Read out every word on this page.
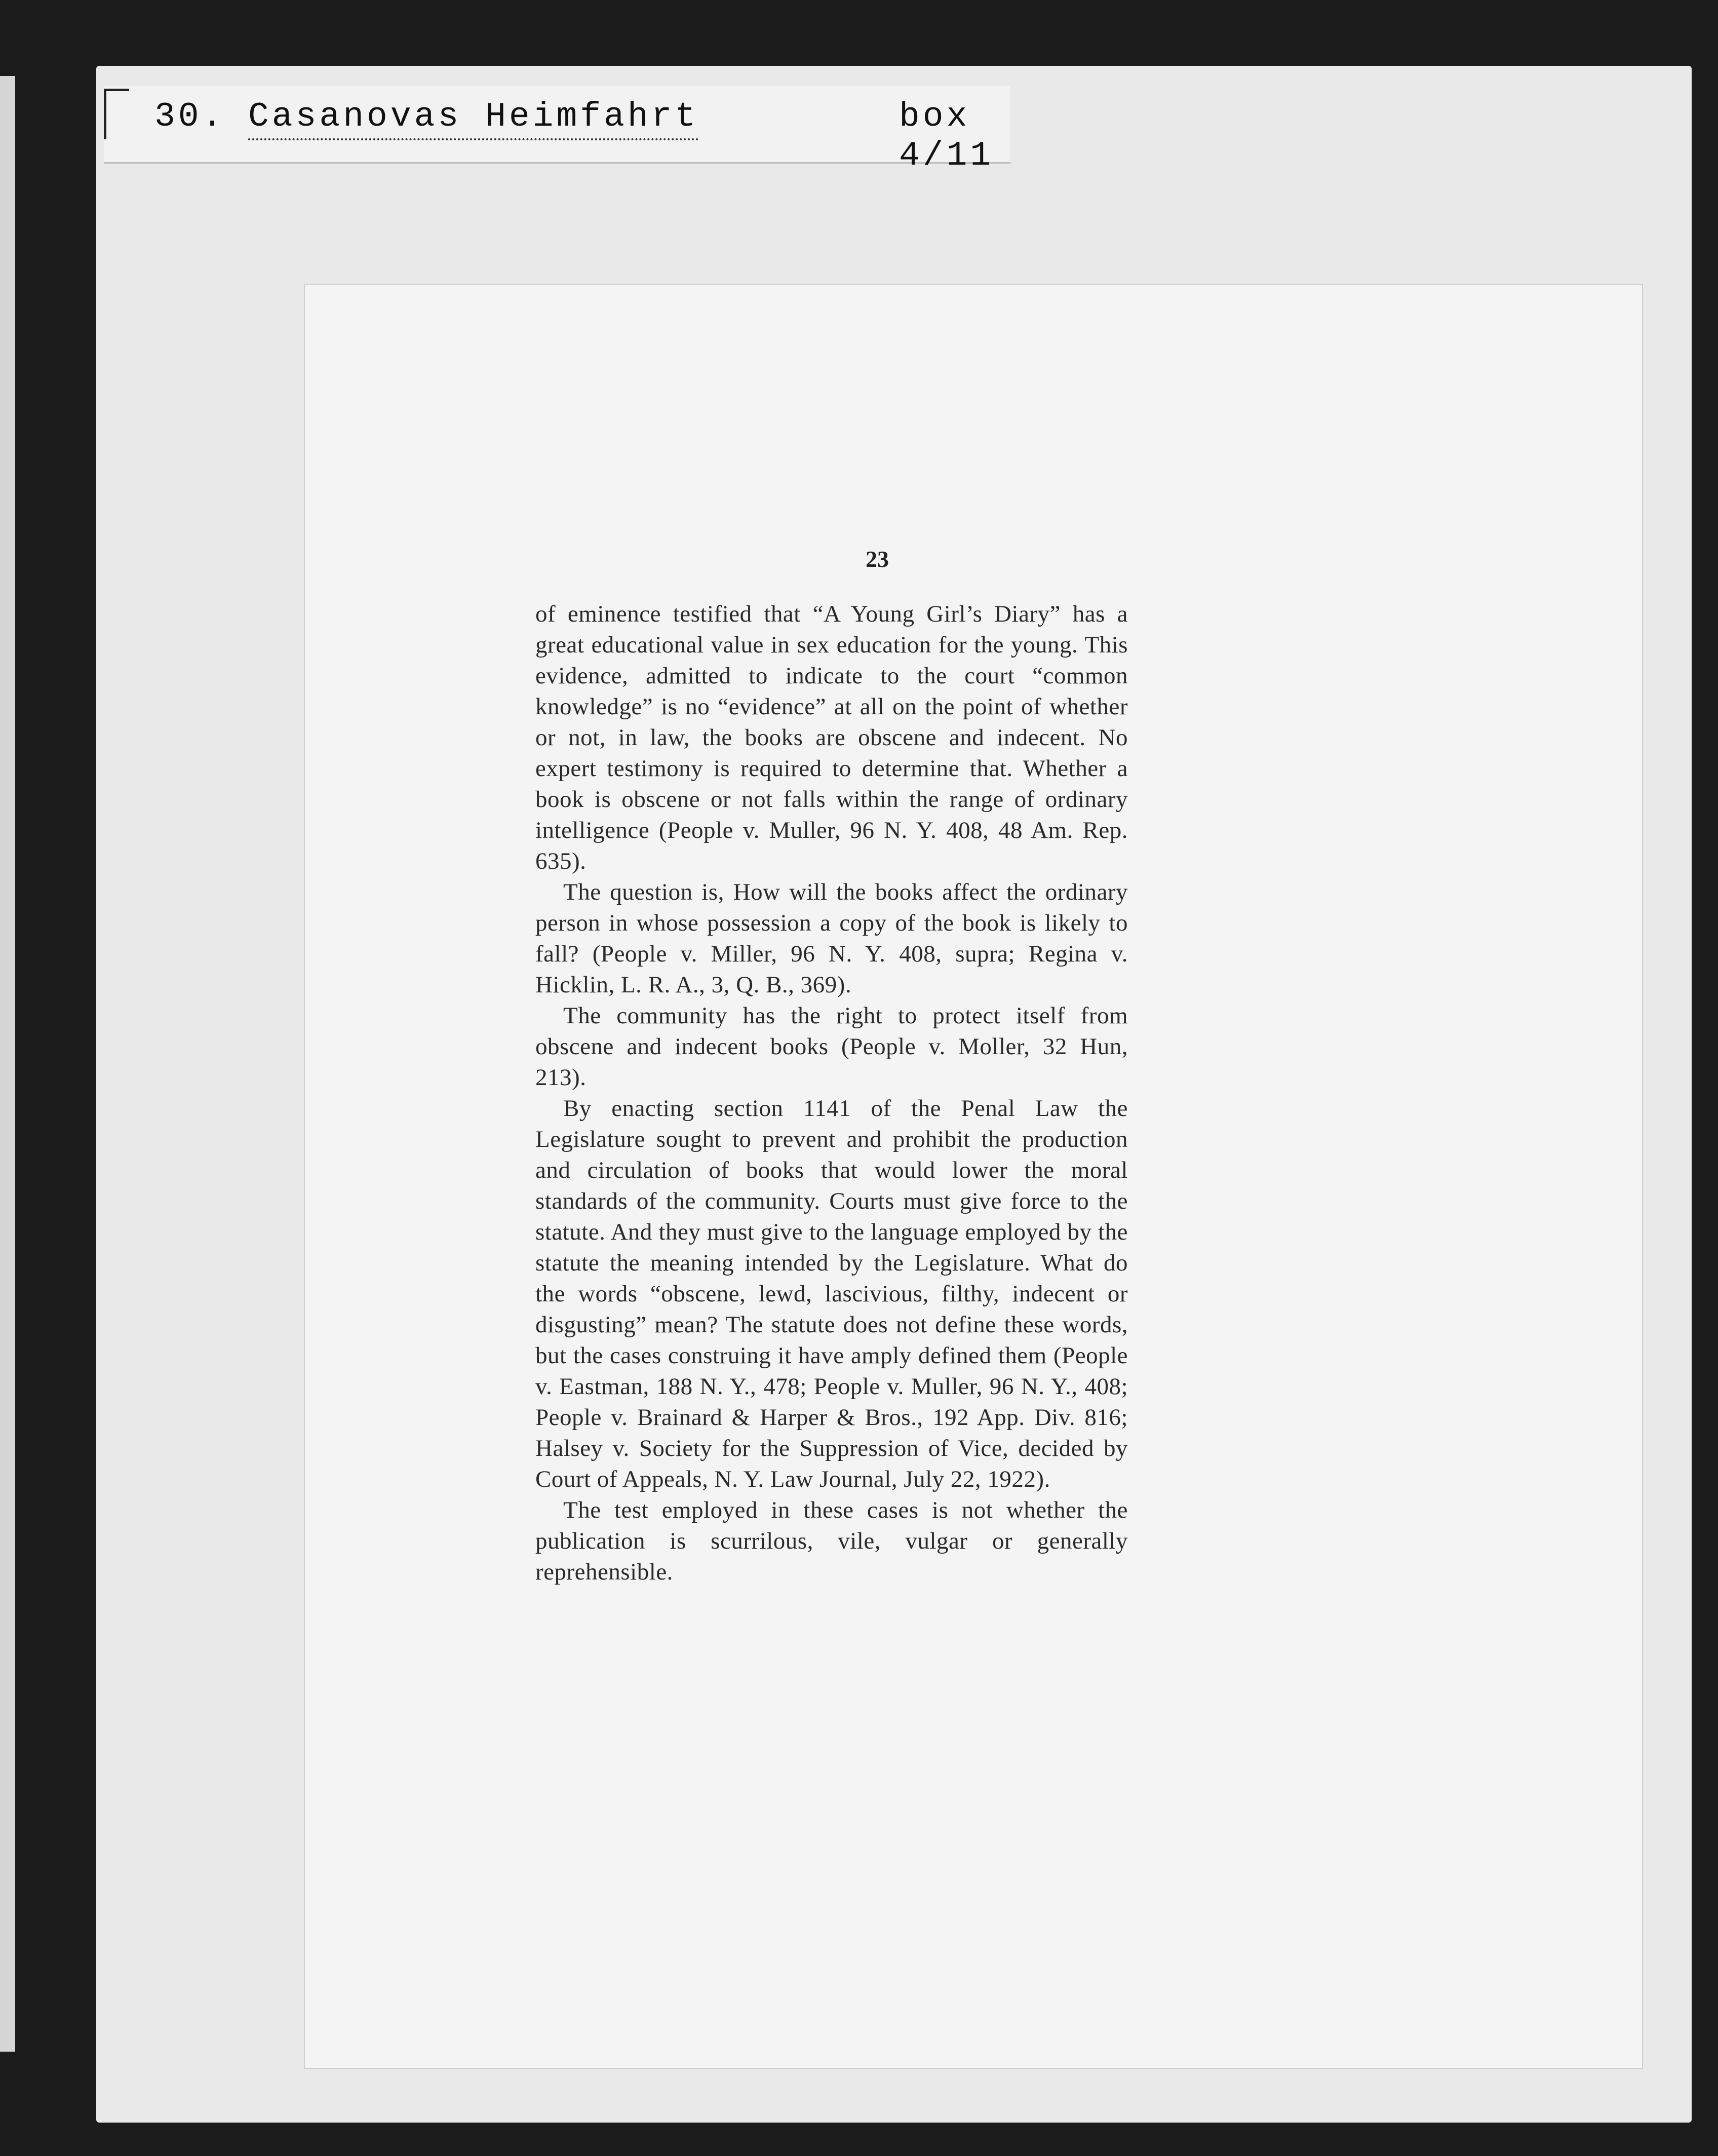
30. Casanovas Heimfahrt	box 4/11
23

of eminence testified that “A Young Girl’s Diary” has a great educational value in sex education for the young. This evidence, admitted to indicate to the court “common knowledge” is no “evidence” at all on the point of whether or not, in law, the books are obscene and indecent. No expert testimony is required to determine that. Whether a book is obscene or not falls within the range of ordinary intelligence (People v. Muller, 96 N. Y. 408, 48 Am. Rep. 635).

The question is, How will the books affect the ordinary person in whose possession a copy of the book is likely to fall? (People v. Miller, 96 N. Y. 408, supra; Regina v. Hicklin, L. R. A., 3, Q. B., 369).

The community has the right to protect itself from obscene and indecent books (People v. Moller, 32 Hun, 213).

By enacting section 1141 of the Penal Law the Legislature sought to prevent and prohibit the production and circulation of books that would lower the moral standards of the community. Courts must give force to the statute. And they must give to the language employed by the statute the meaning intended by the Legislature. What do the words “obscene, lewd, lascivious, filthy, indecent or disgusting” mean? The statute does not define these words, but the cases construing it have amply defined them (People v. Eastman, 188 N. Y., 478; People v. Muller, 96 N. Y., 408; People v. Brainard & Harper & Bros., 192 App. Div. 816; Halsey v. Society for the Suppression of Vice, decided by Court of Appeals, N. Y. Law Journal, July 22, 1922).

The test employed in these cases is not whether the publication is scurrilous, vile, vulgar or generally reprehensible.
